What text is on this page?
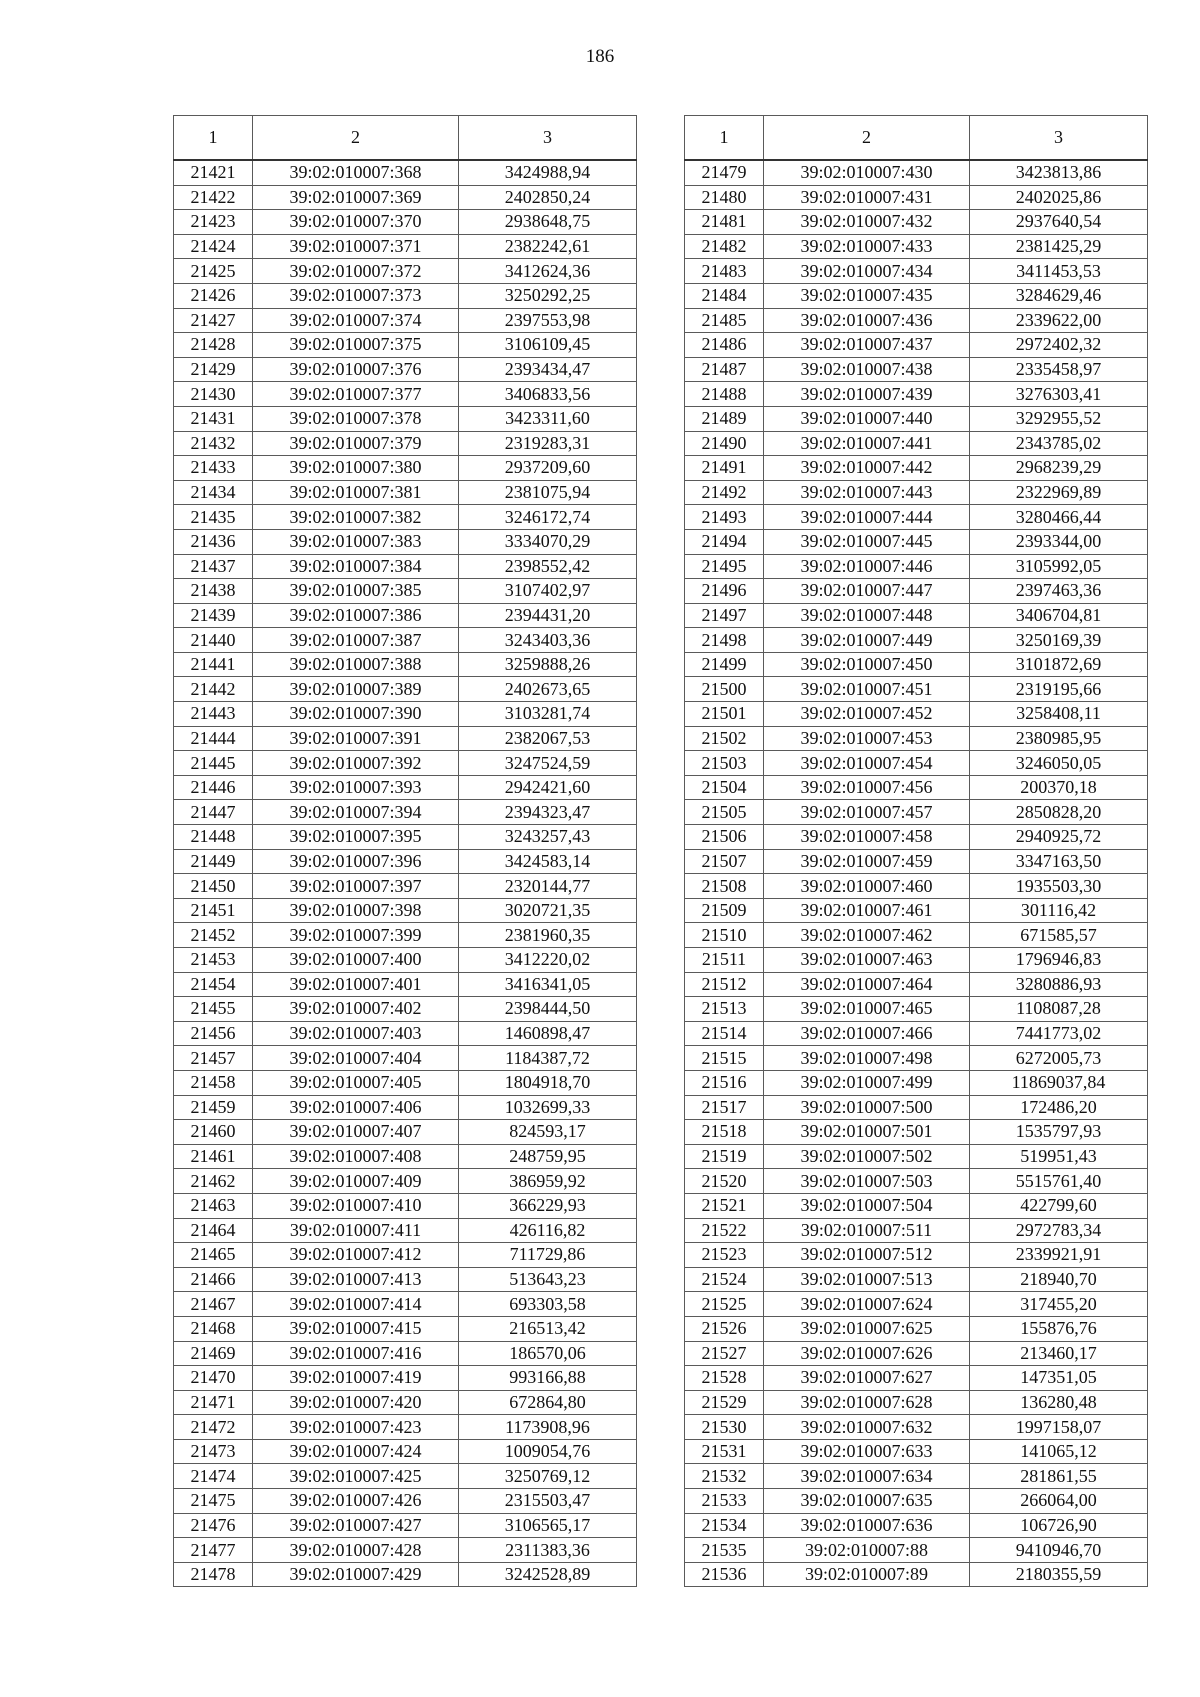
186
1	2	3
21421	39:02:010007:368	3424988,94
21422	39:02:010007:369	2402850,24
21423	39:02:010007:370	2938648,75
21424	39:02:010007:371	2382242,61
21425	39:02:010007:372	3412624,36
21426	39:02:010007:373	3250292,25
21427	39:02:010007:374	2397553,98
21428	39:02:010007:375	3106109,45
21429	39:02:010007:376	2393434,47
21430	39:02:010007:377	3406833,56
21431	39:02:010007:378	3423311,60
21432	39:02:010007:379	2319283,31
21433	39:02:010007:380	2937209,60
21434	39:02:010007:381	2381075,94
21435	39:02:010007:382	3246172,74
21436	39:02:010007:383	3334070,29
21437	39:02:010007:384	2398552,42
21438	39:02:010007:385	3107402,97
21439	39:02:010007:386	2394431,20
21440	39:02:010007:387	3243403,36
21441	39:02:010007:388	3259888,26
21442	39:02:010007:389	2402673,65
21443	39:02:010007:390	3103281,74
21444	39:02:010007:391	2382067,53
21445	39:02:010007:392	3247524,59
21446	39:02:010007:393	2942421,60
21447	39:02:010007:394	2394323,47
21448	39:02:010007:395	3243257,43
21449	39:02:010007:396	3424583,14
21450	39:02:010007:397	2320144,77
21451	39:02:010007:398	3020721,35
21452	39:02:010007:399	2381960,35
21453	39:02:010007:400	3412220,02
21454	39:02:010007:401	3416341,05
21455	39:02:010007:402	2398444,50
21456	39:02:010007:403	1460898,47
21457	39:02:010007:404	1184387,72
21458	39:02:010007:405	1804918,70
21459	39:02:010007:406	1032699,33
21460	39:02:010007:407	824593,17
21461	39:02:010007:408	248759,95
21462	39:02:010007:409	386959,92
21463	39:02:010007:410	366229,93
21464	39:02:010007:411	426116,82
21465	39:02:010007:412	711729,86
21466	39:02:010007:413	513643,23
21467	39:02:010007:414	693303,58
21468	39:02:010007:415	216513,42
21469	39:02:010007:416	186570,06
21470	39:02:010007:419	993166,88
21471	39:02:010007:420	672864,80
21472	39:02:010007:423	1173908,96
21473	39:02:010007:424	1009054,76
21474	39:02:010007:425	3250769,12
21475	39:02:010007:426	2315503,47
21476	39:02:010007:427	3106565,17
21477	39:02:010007:428	2311383,36
21478	39:02:010007:429	3242528,89
1	2	3
21479	39:02:010007:430	3423813,86
21480	39:02:010007:431	2402025,86
21481	39:02:010007:432	2937640,54
21482	39:02:010007:433	2381425,29
21483	39:02:010007:434	3411453,53
21484	39:02:010007:435	3284629,46
21485	39:02:010007:436	2339622,00
21486	39:02:010007:437	2972402,32
21487	39:02:010007:438	2335458,97
21488	39:02:010007:439	3276303,41
21489	39:02:010007:440	3292955,52
21490	39:02:010007:441	2343785,02
21491	39:02:010007:442	2968239,29
21492	39:02:010007:443	2322969,89
21493	39:02:010007:444	3280466,44
21494	39:02:010007:445	2393344,00
21495	39:02:010007:446	3105992,05
21496	39:02:010007:447	2397463,36
21497	39:02:010007:448	3406704,81
21498	39:02:010007:449	3250169,39
21499	39:02:010007:450	3101872,69
21500	39:02:010007:451	2319195,66
21501	39:02:010007:452	3258408,11
21502	39:02:010007:453	2380985,95
21503	39:02:010007:454	3246050,05
21504	39:02:010007:456	200370,18
21505	39:02:010007:457	2850828,20
21506	39:02:010007:458	2940925,72
21507	39:02:010007:459	3347163,50
21508	39:02:010007:460	1935503,30
21509	39:02:010007:461	301116,42
21510	39:02:010007:462	671585,57
21511	39:02:010007:463	1796946,83
21512	39:02:010007:464	3280886,93
21513	39:02:010007:465	1108087,28
21514	39:02:010007:466	7441773,02
21515	39:02:010007:498	6272005,73
21516	39:02:010007:499	11869037,84
21517	39:02:010007:500	172486,20
21518	39:02:010007:501	1535797,93
21519	39:02:010007:502	519951,43
21520	39:02:010007:503	5515761,40
21521	39:02:010007:504	422799,60
21522	39:02:010007:511	2972783,34
21523	39:02:010007:512	2339921,91
21524	39:02:010007:513	218940,70
21525	39:02:010007:624	317455,20
21526	39:02:010007:625	155876,76
21527	39:02:010007:626	213460,17
21528	39:02:010007:627	147351,05
21529	39:02:010007:628	136280,48
21530	39:02:010007:632	1997158,07
21531	39:02:010007:633	141065,12
21532	39:02:010007:634	281861,55
21533	39:02:010007:635	266064,00
21534	39:02:010007:636	106726,90
21535	39:02:010007:88	9410946,70
21536	39:02:010007:89	2180355,59
